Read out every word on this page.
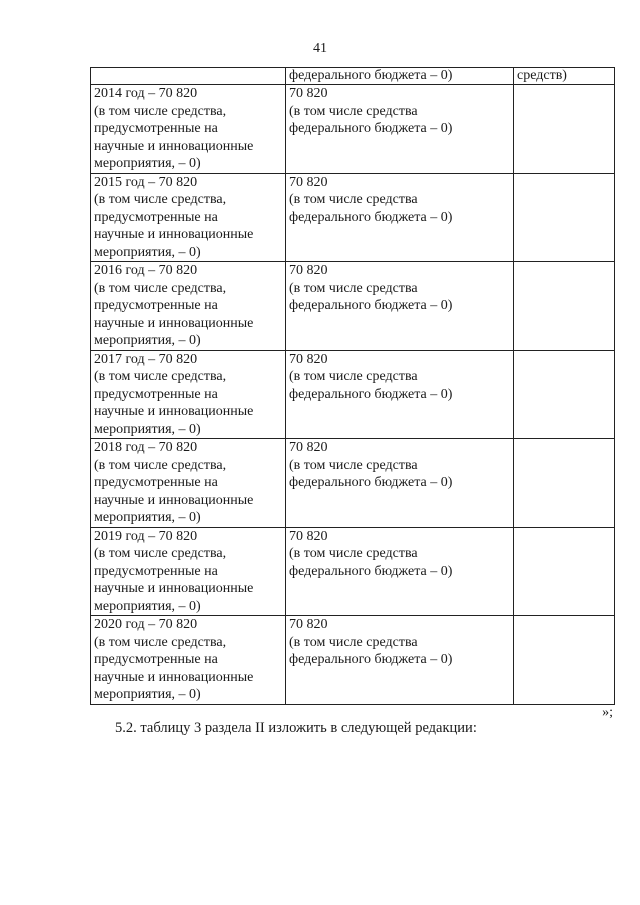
41
	федерального бюджета – 0)	средств)

2014 год – 70 820
(в том числе средства,
предусмотренные на
научные и инновационные
мероприятия, – 0)	70 820
(в том числе средства
федерального бюджета – 0)	

2015 год – 70 820
(в том числе средства,
предусмотренные на
научные и инновационные
мероприятия, – 0)	70 820
(в том числе средства
федерального бюджета – 0)	

2016 год – 70 820
(в том числе средства,
предусмотренные на
научные и инновационные
мероприятия, – 0)	70 820
(в том числе средства
федерального бюджета – 0)	

2017 год – 70 820
(в том числе средства,
предусмотренные на
научные и инновационные
мероприятия, – 0)	70 820
(в том числе средства
федерального бюджета – 0)	

2018 год – 70 820
(в том числе средства,
предусмотренные на
научные и инновационные
мероприятия, – 0)	70 820
(в том числе средства
федерального бюджета – 0)	

2019 год – 70 820
(в том числе средства,
предусмотренные на
научные и инновационные
мероприятия, – 0)	70 820
(в том числе средства
федерального бюджета – 0)	

2020 год – 70 820
(в том числе средства,
предусмотренные на
научные и инновационные
мероприятия, – 0)	70 820
(в том числе средства
федерального бюджета – 0)	

»;
5.2. таблицу 3 раздела II изложить в следующей редакции:
